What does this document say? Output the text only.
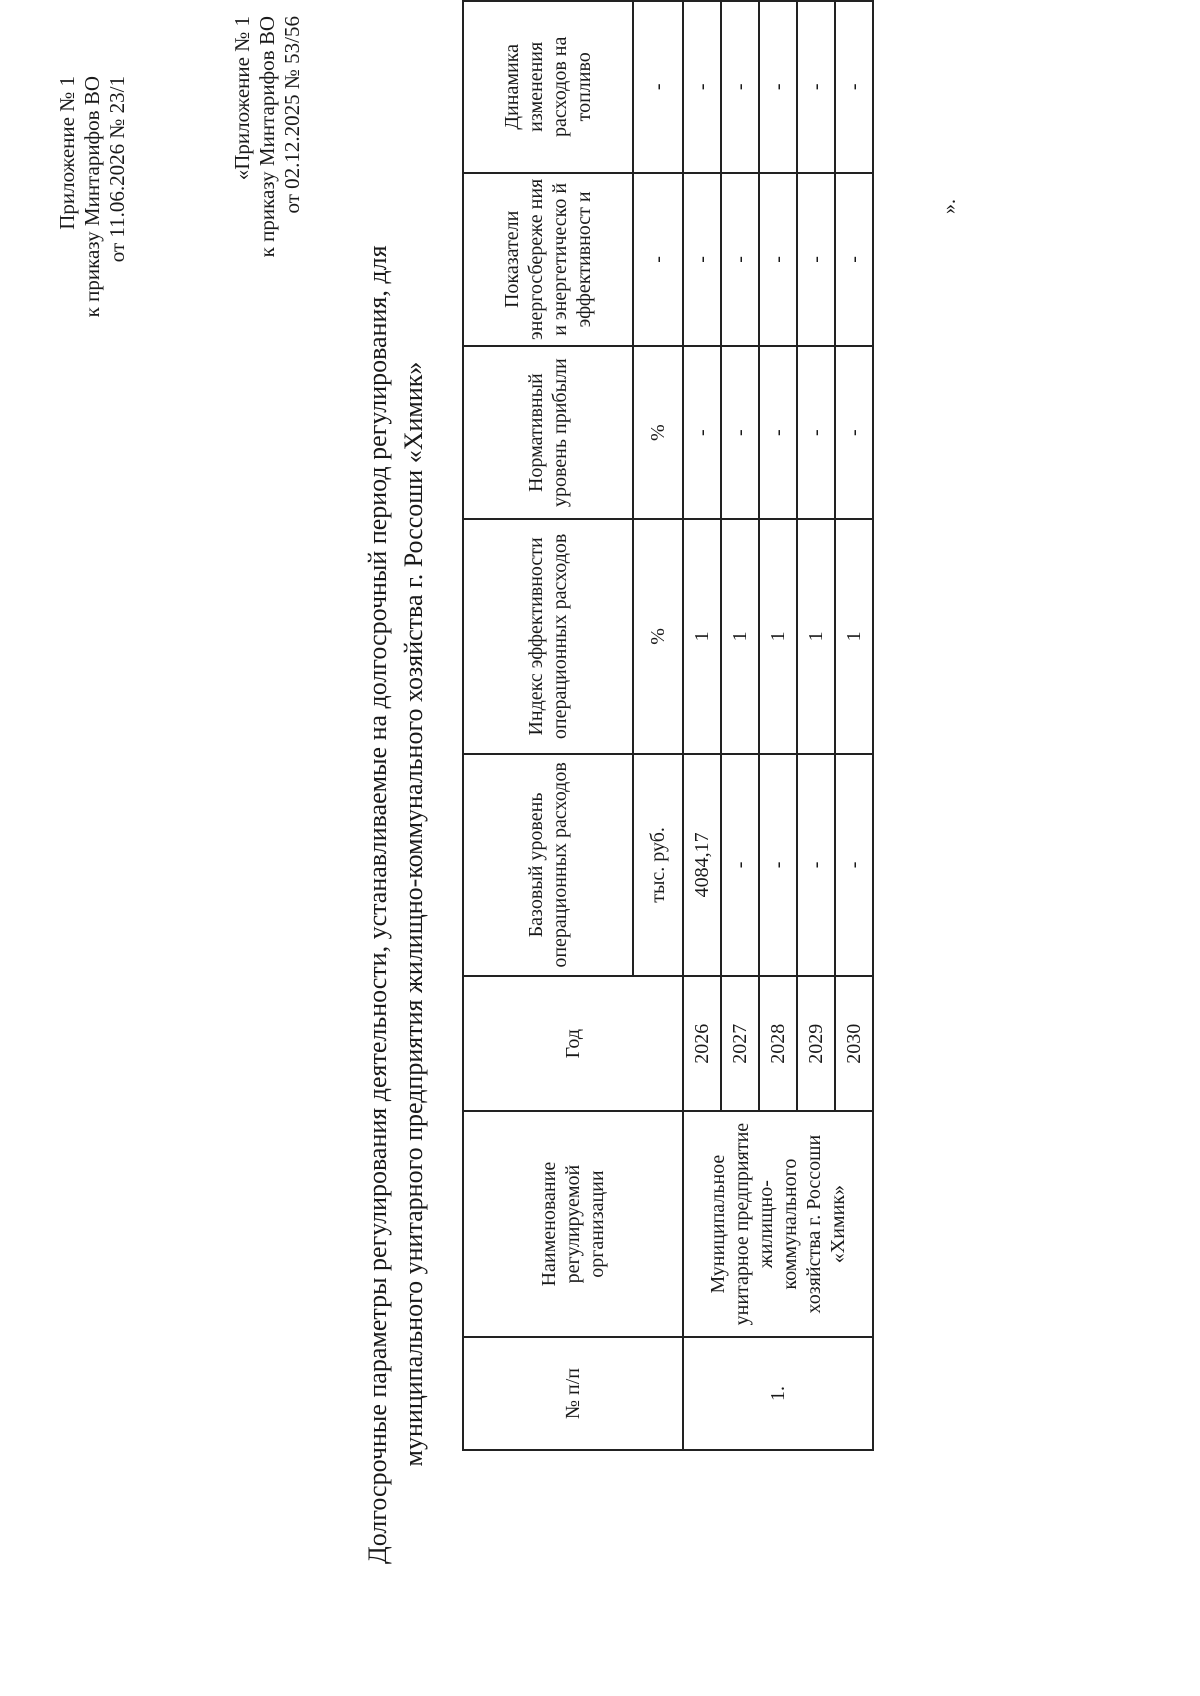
Приложение № 1 к приказу Минтарифов ВО от 11.06.2026 № 23/1	«Приложение № 1 к приказу Минтарифов ВО от 02.12.2025 № 53/56
Долгосрочные параметры регулирования деятельности, устанавливаемые на долгосрочный период регулирования, для муниципального унитарного предприятия жилищно-коммунального хозяйства г. Россоши «Химик»	№ п/п	Наименование регулируемой организации	Год	Базовый уровень операционных расходов	Индекс эффективности операционных расходов	Нормативный уровень прибыли	Показатели энергосбереже ния и энергетическо й эффективност и	Динамика изменения расходов на топливо
			тыс. руб.	%	%	-	-
1.	Муниципальное унитарное предприятие жилищно-коммунального хозяйства г. Россоши «Химик»	2026	4084,17	1	-	-	-
		2027	-	1	-	-	-
		2028	-	1	-	-	-
		2029	-	1	-	-	-
		2030	-	1	-	-	-
».
